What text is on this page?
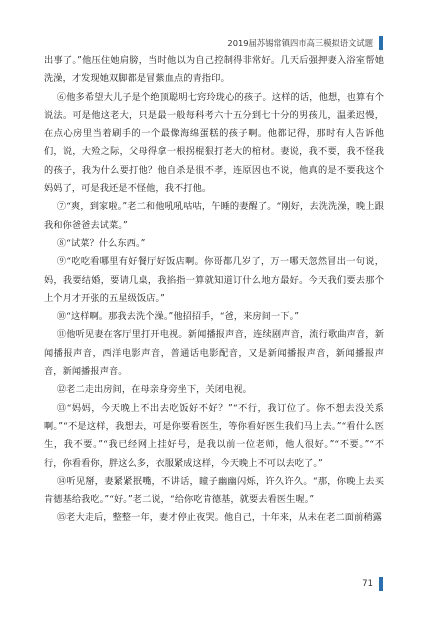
2019届苏锡常镇四市高三模拟语文试题

出事了。”他压住她肩膀，当时他以为自己控制得非常好。几天后强押妻入浴室帮她洗澡，才发现她双脚都是冒紫血点的青指印。

⑥他多希望大儿子是个绝顶聪明七窍玲珑心的孩子。这样的话，他想，也算有个说法。可是他这老大，只是最一般每科考六十五分到七十分的男孩儿，温柔迟慢，在点心房里当着刷手的一个最像海绵蛋糕的孩子啊。他都记得，那时有人告诉他们，说，大殓之际，父母得拿一根拐棍狠打老大的棺材。妻说，我不要，我不怪我的孩子，我为什么要打他？他自杀是很不孝，连原因也不说，他真的是不要我这个妈妈了，可是我还是不怪他，我不打他。

⑦“爽，到家啦。”老二和他吼吼咕咕，午睡的妻醒了。“刚好，去洗洗澡，晚上跟我和你爸爸去试菜。”

⑧“试菜？什么东西。”

⑨“吃吃看哪里有好餐厅好饭店啊。你哥都几岁了，万一哪天忽然冒出一句说，妈，我要结婚，要请几桌，我掐指一算就知道订什么地方最好。今天我们要去那个上个月才开张的五星级饭店。”

⑩“这样啊。那我去洗个澡。”他招招手，“爸，来房间一下。”

⑪他听见妻在客厅里打开电视。新闻播报声音，连续剧声音，流行歌曲声音，新闻播报声音，西洋电影声音，普通话电影配音，又是新闻播报声音，新闻播报声音，新闻播报声音。

⑫老二走出房间，在母亲身旁坐下，关闭电视。

⑬“妈妈，今天晚上不出去吃饭好不好？”“不行，我订位了。你不想去没关系啊。”“不是这样，我想去，可是你要看医生，等你看好医生我们马上去。”“看什么医生，我不要。”“我已经网上挂好号，是我以前一位老师，他人很好。”“不要。”“不行，你看看你，胖这么多，衣服紧成这样，今天晚上不可以去吃了。”

⑭听见掰，妻紧紧抿嘴，不讲话，瞳子幽幽闪烁，许久许久。“那，你晚上去买肯德基给我吃。”“好。”老二说，“给你吃肯德基，就要去看医生喔。”

⑮老大走后，整整一年，妻才停止夜哭。他自己，十年来，从未在老二面前稍露

71
